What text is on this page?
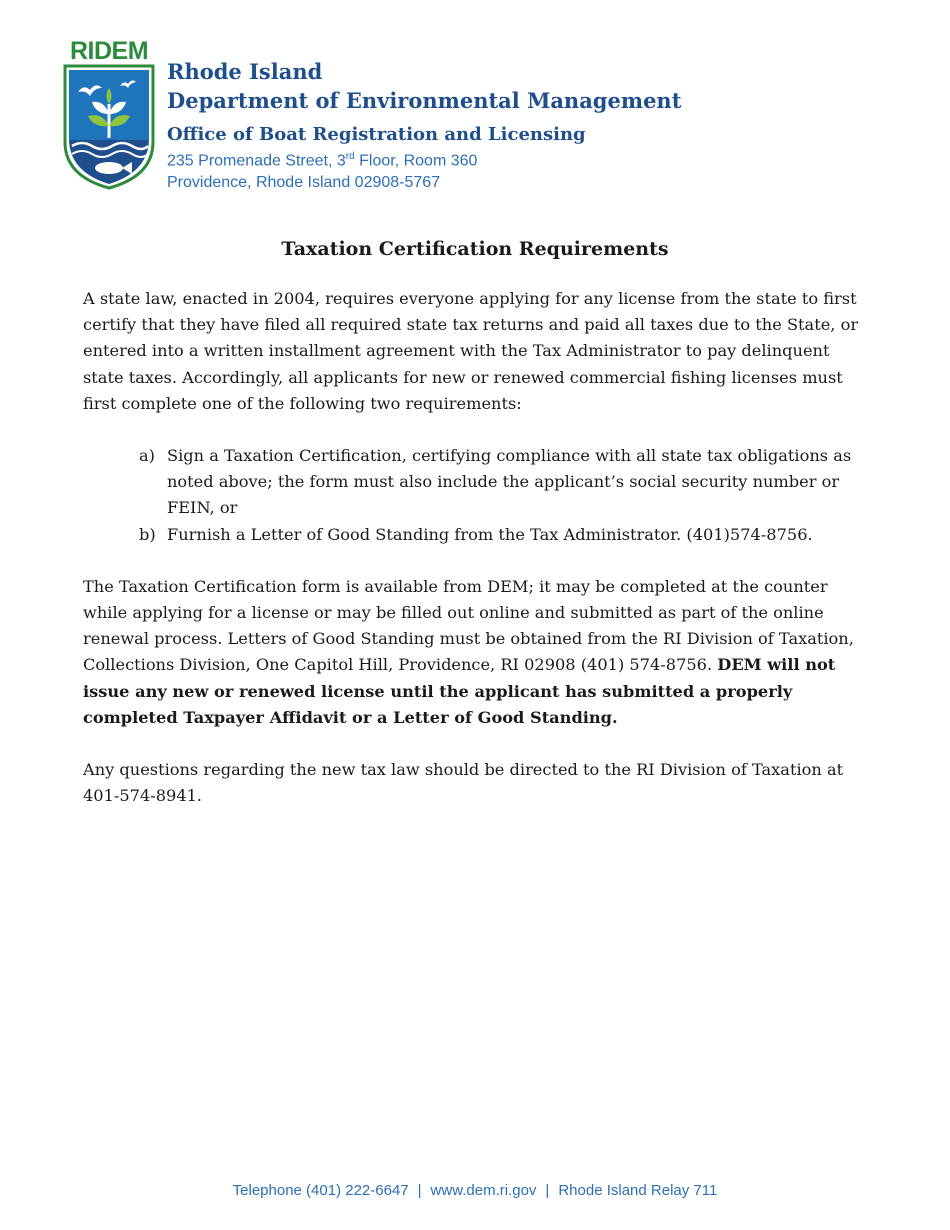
RIDEM
Rhode Island
Department of Environmental Management
Office of Boat Registration and Licensing
235 Promenade Street, 3rd Floor, Room 360
Providence, Rhode Island 02908-5767
Taxation Certification Requirements

A state law, enacted in 2004, requires everyone applying for any license from the state to first certify that they have filed all required state tax returns and paid all taxes due to the State, or entered into a written installment agreement with the Tax Administrator to pay delinquent state taxes. Accordingly, all applicants for new or renewed commercial fishing licenses must first complete one of the following two requirements:

a) Sign a Taxation Certification, certifying compliance with all state tax obligations as noted above; the form must also include the applicant’s social security number or FEIN, or
b) Furnish a Letter of Good Standing from the Tax Administrator. (401)574-8756.

The Taxation Certification form is available from DEM; it may be completed at the counter while applying for a license or may be filled out online and submitted as part of the online renewal process. Letters of Good Standing must be obtained from the RI Division of Taxation, Collections Division, One Capitol Hill, Providence, RI 02908 (401) 574-8756. DEM will not issue any new or renewed license until the applicant has submitted a properly completed Taxpayer Affidavit or a Letter of Good Standing.

Any questions regarding the new tax law should be directed to the RI Division of Taxation at 401-574-8941.

Telephone (401) 222-6647 | www.dem.ri.gov | Rhode Island Relay 711
